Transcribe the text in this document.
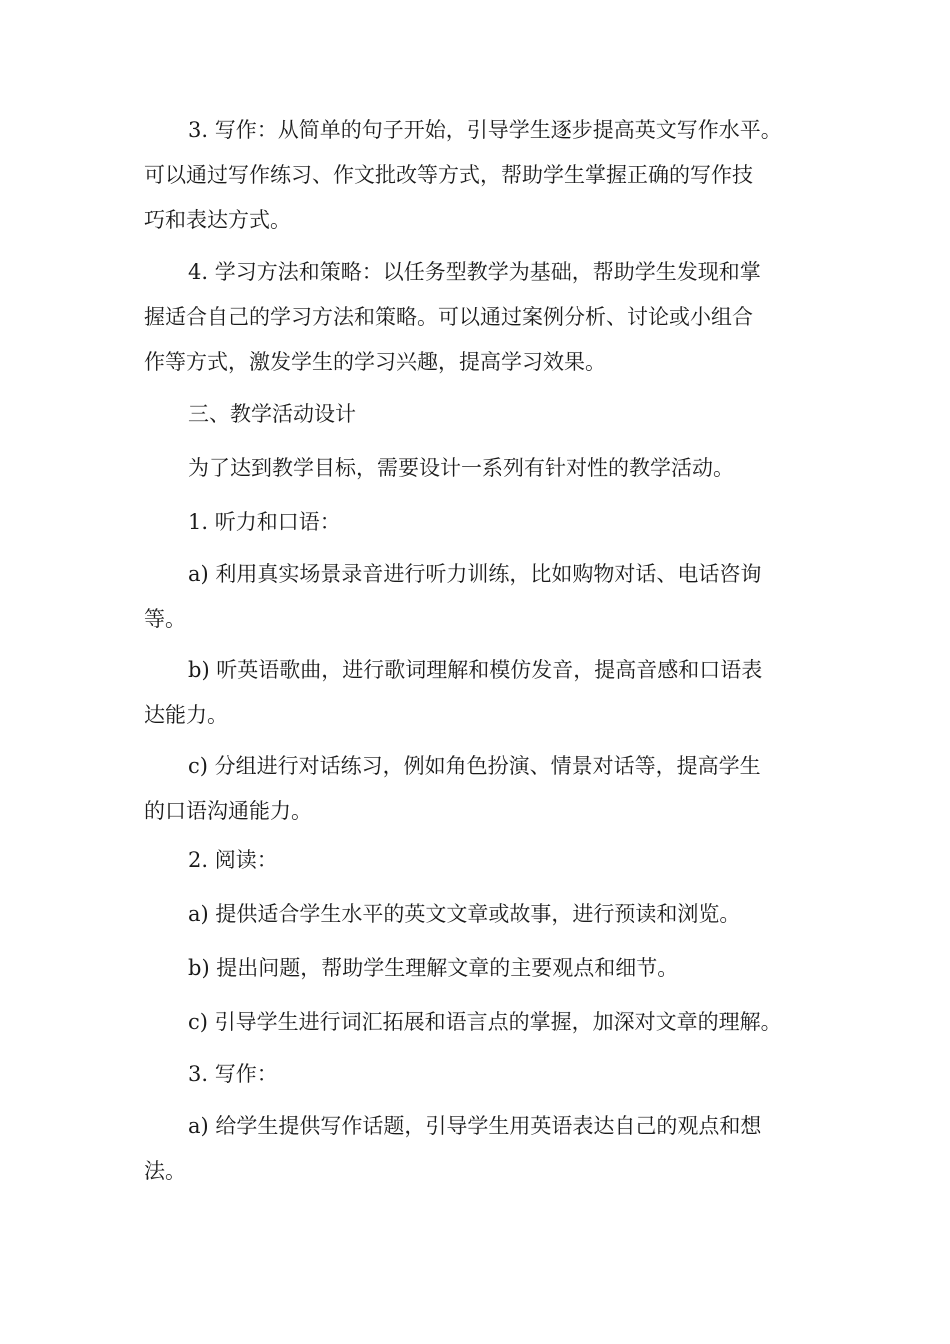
3. 写作：从简单的句子开始，引导学生逐步提高英文写作水平。
可以通过写作练习、作文批改等方式，帮助学生掌握正确的写作技
巧和表达方式。

4. 学习方法和策略：以任务型教学为基础，帮助学生发现和掌
握适合自己的学习方法和策略。可以通过案例分析、讨论或小组合
作等方式，激发学生的学习兴趣，提高学习效果。

三、教学活动设计

为了达到教学目标，需要设计一系列有针对性的教学活动。

1. 听力和口语：

a) 利用真实场景录音进行听力训练，比如购物对话、电话咨询
等。

b) 听英语歌曲，进行歌词理解和模仿发音，提高音感和口语表
达能力。

c) 分组进行对话练习，例如角色扮演、情景对话等，提高学生
的口语沟通能力。

2. 阅读：

a) 提供适合学生水平的英文文章或故事，进行预读和浏览。

b) 提出问题，帮助学生理解文章的主要观点和细节。

c) 引导学生进行词汇拓展和语言点的掌握，加深对文章的理解。

3. 写作：

a) 给学生提供写作话题，引导学生用英语表达自己的观点和想
法。
